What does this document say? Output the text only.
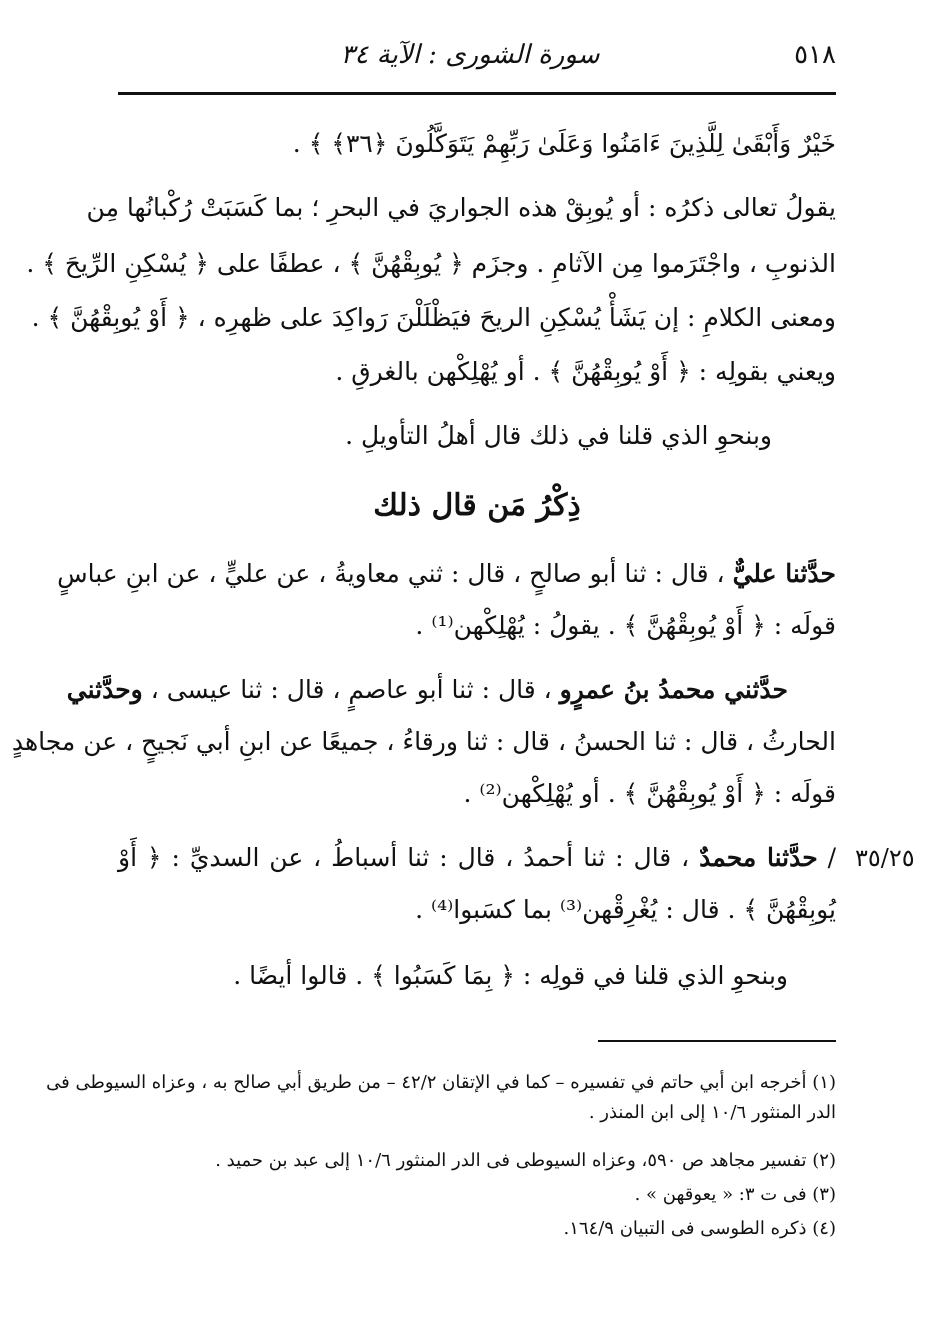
٥١٨
سورة الشورى : الآية ٣٤
خَيْرٌ وَأَبْقَىٰ لِلَّذِينَ ءَامَنُوا وَعَلَىٰ رَبِّهِمْ يَتَوَكَّلُونَ ﴿٣٦﴾ ﴾ .
يقولُ تعالى ذكرُه : أو يُوبِقْ هذه الجواريَ في البحرِ ؛ بما كَسَبَتْ رُكْبانُها مِن
الذنوبِ ، واجْتَرَموا مِن الآثامِ . وجزَم ﴿ يُوبِقْهُنَّ ﴾ ، عطفًا على ﴿ يُسْكِنِ الرِّيحَ ﴾ .
ومعنى الكلامِ : إن يَشَأْ يُسْكِنِ الريحَ فيَظْلَلْنَ رَواكِدَ على ظهرِه ، ﴿ أَوْ يُوبِقْهُنَّ ﴾ .
ويعني بقولِه : ﴿ أَوْ يُوبِقْهُنَّ ﴾ . أو يُهْلِكْهن بالغرقِ .
وبنحوِ الذي قلنا في ذلك قال أهلُ التأويلِ .
ذِكْرُ مَن قال ذلك
حدَّثنا عليٌّ ، قال : ثنا أبو صالحٍ ، قال : ثني معاويةُ ، عن عليٍّ ، عن ابنِ عباسٍ
قولَه : ﴿ أَوْ يُوبِقْهُنَّ ﴾ . يقولُ : يُهْلِكْهن⁽¹⁾ .
حدَّثني محمدُ بنُ عمرٍو ، قال : ثنا أبو عاصمٍ ، قال : ثنا عيسى ، وحدَّثني
الحارثُ ، قال : ثنا الحسنُ ، قال : ثنا ورقاءُ ، جميعًا عن ابنِ أبي نَجيحٍ ، عن مجاهدٍ
قولَه : ﴿ أَوْ يُوبِقْهُنَّ ﴾ . أو يُهْلِكْهن⁽²⁾ .
٣٥/٢٥
/ حدَّثنا محمدٌ ، قال : ثنا أحمدُ ، قال : ثنا أسباطُ ، عن السديِّ : ﴿ أَوْ
يُوبِقْهُنَّ ﴾ . قال : يُغْرِقْهن⁽³⁾ بما كسَبوا⁽⁴⁾ .
وبنحوِ الذي قلنا في قولِه : ﴿ بِمَا كَسَبُوا ﴾ . قالوا أيضًا .
(١) أخرجه ابن أبي حاتم في تفسيره – كما في الإتقان ٤٢/٢ – من طريق أبي صالح به ، وعزاه السيوطى فى
الدر المنثور ١٠/٦ إلى ابن المنذر .
(٢) تفسير مجاهد ص ٥٩٠، وعزاه السيوطى فى الدر المنثور ١٠/٦ إلى عبد بن حميد .
(٣) فى ت ٣: « يعوقهن » .
(٤) ذكره الطوسى فى التبيان ١٦٤/٩.
